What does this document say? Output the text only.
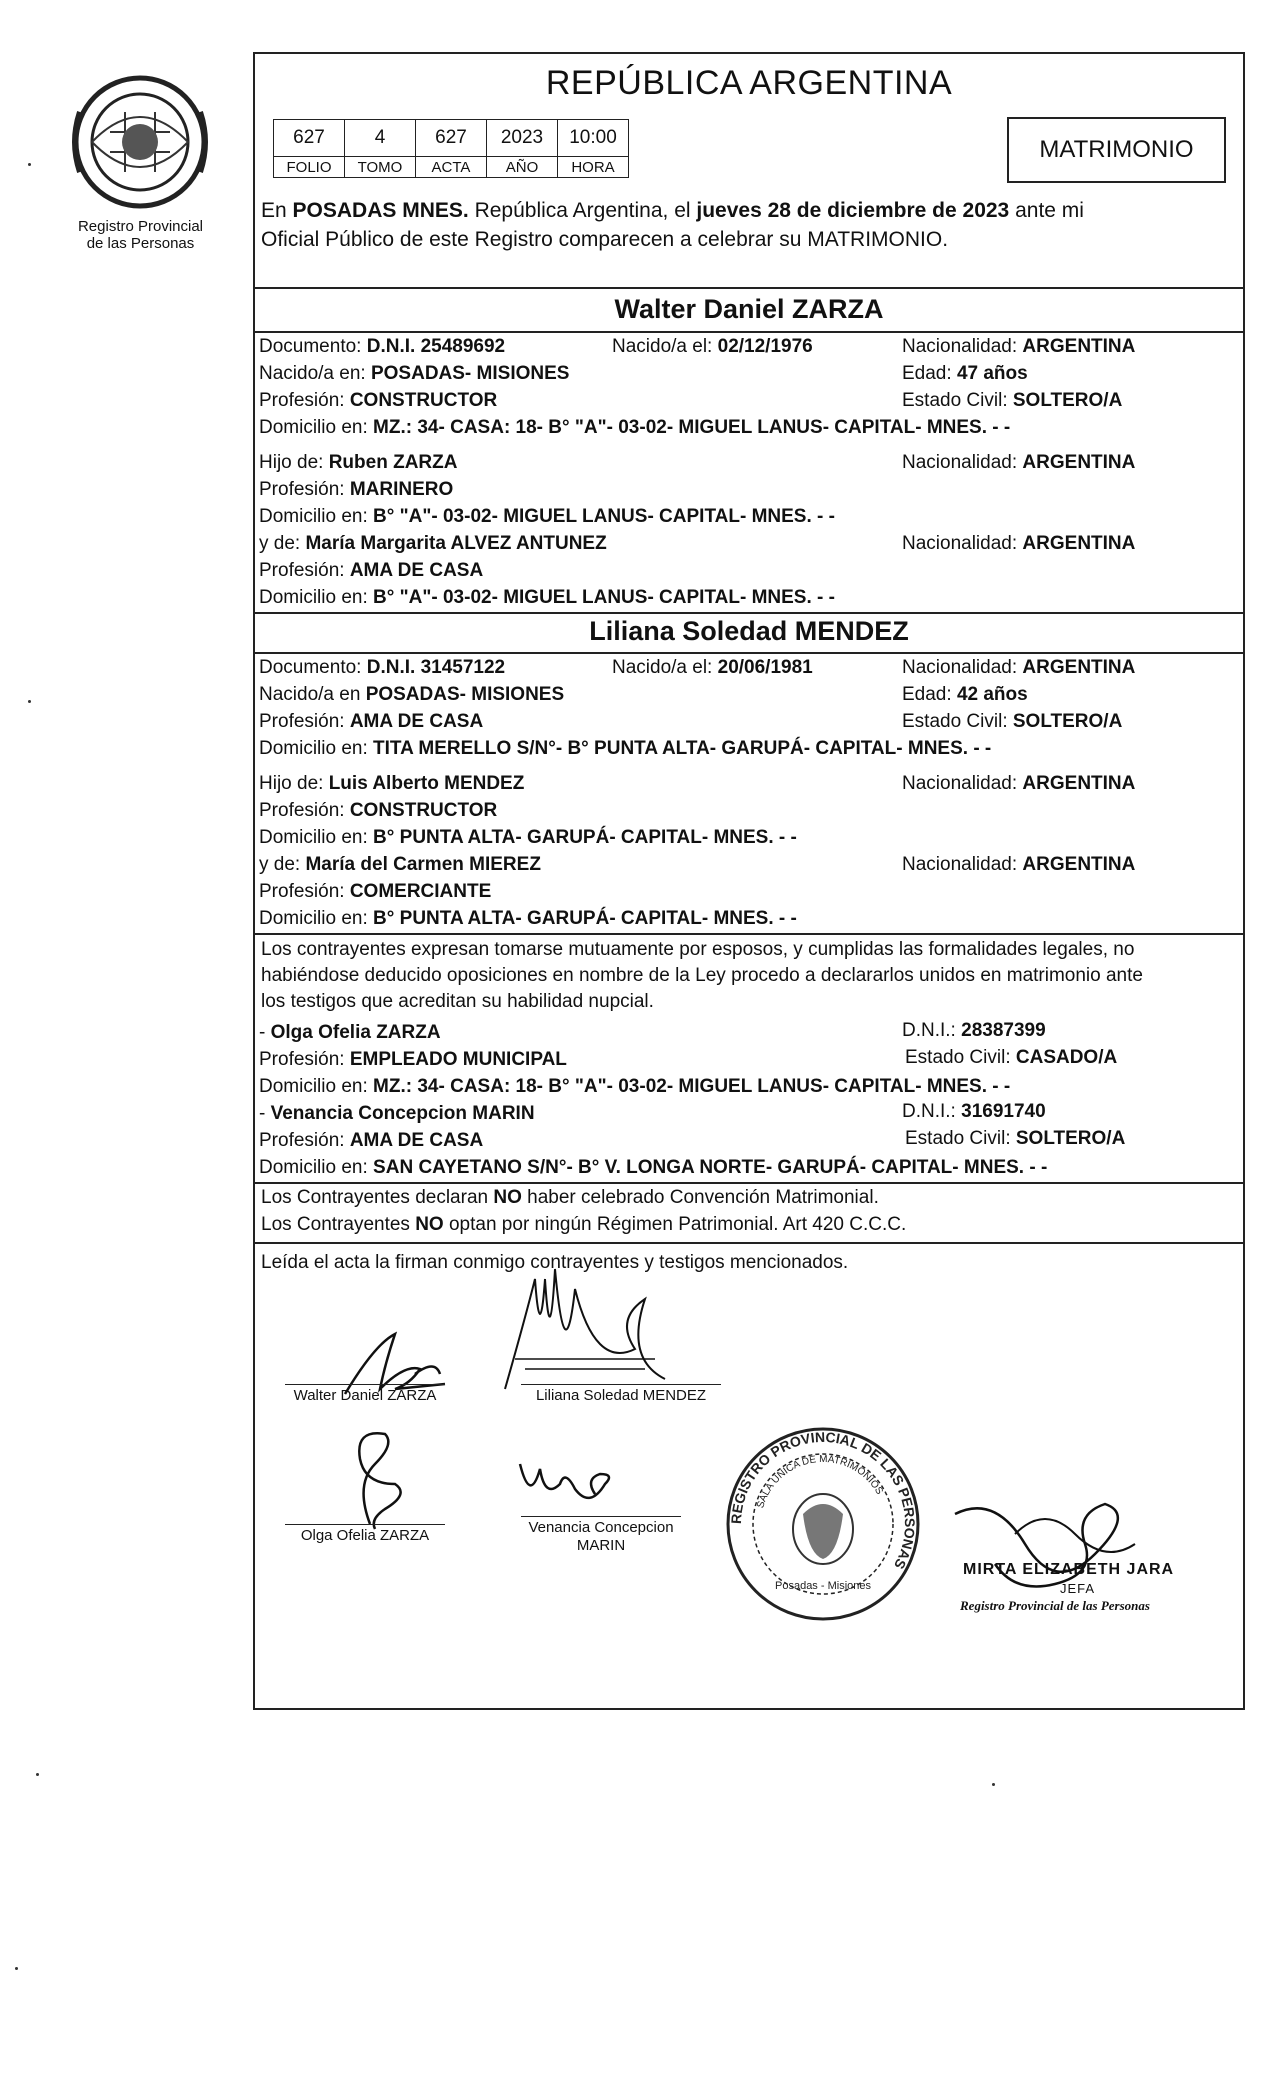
Registro Provincial
de las Personas
REPÚBLICA ARGENTINA
627	4	627	2023	10:00
FOLIO	TOMO	ACTA	AÑO	HORA
MATRIMONIO
En POSADAS MNES. República Argentina, el jueves 28 de diciembre de 2023 ante mi
Oficial Público de este Registro comparecen a celebrar su MATRIMONIO.
Walter Daniel ZARZA
Documento: D.N.I. 25489692	Nacido/a el: 02/12/1976	Nacionalidad: ARGENTINA
Nacido/a en: POSADAS- MISIONES	Edad: 47 años
Profesión: CONSTRUCTOR	Estado Civil: SOLTERO/A
Domicilio en: MZ.: 34- CASA: 18- B° "A"- 03-02- MIGUEL LANUS- CAPITAL- MNES. - -
Hijo de: Ruben ZARZA	Nacionalidad: ARGENTINA
Profesión: MARINERO
Domicilio en: B° "A"- 03-02- MIGUEL LANUS- CAPITAL- MNES. - -
y de: María Margarita ALVEZ ANTUNEZ	Nacionalidad: ARGENTINA
Profesión: AMA DE CASA
Domicilio en: B° "A"- 03-02- MIGUEL LANUS- CAPITAL- MNES. - -
Liliana Soledad MENDEZ
Documento: D.N.I. 31457122	Nacido/a el: 20/06/1981	Nacionalidad: ARGENTINA
Nacido/a en POSADAS- MISIONES	Edad: 42 años
Profesión: AMA DE CASA	Estado Civil: SOLTERO/A
Domicilio en: TITA MERELLO S/N°- B° PUNTA ALTA- GARUPÁ- CAPITAL- MNES. - -
Hijo de: Luis Alberto MENDEZ	Nacionalidad: ARGENTINA
Profesión: CONSTRUCTOR
Domicilio en: B° PUNTA ALTA- GARUPÁ- CAPITAL- MNES. - -
y de: María del Carmen MIEREZ	Nacionalidad: ARGENTINA
Profesión: COMERCIANTE
Domicilio en: B° PUNTA ALTA- GARUPÁ- CAPITAL- MNES. - -
Los contrayentes expresan tomarse mutuamente por esposos, y cumplidas las formalidades legales, no
habiéndose deducido oposiciones en nombre de la Ley procedo a declararlos unidos en matrimonio ante
los testigos que acreditan su habilidad nupcial.
- Olga Ofelia ZARZA	D.N.I.: 28387399
Profesión: EMPLEADO MUNICIPAL	Estado Civil: CASADO/A
Domicilio en: MZ.: 34- CASA: 18- B° "A"- 03-02- MIGUEL LANUS- CAPITAL- MNES. - -
- Venancia Concepcion MARIN	D.N.I.: 31691740
Profesión: AMA DE CASA	Estado Civil: SOLTERO/A
Domicilio en: SAN CAYETANO S/N°- B° V. LONGA NORTE- GARUPÁ- CAPITAL- MNES. - -
Los Contrayentes declaran NO haber celebrado Convención Matrimonial.
Los Contrayentes NO optan por ningún Régimen Patrimonial. Art 420 C.C.C.
Leída el acta la firman conmigo contrayentes y testigos mencionados.
Walter Daniel ZARZA	Liliana Soledad MENDEZ
Olga Ofelia ZARZA	Venancia Concepcion
MARIN
REGISTRO PROVINCIAL DE LAS PERSONAS
SALA UNICA DE MATRIMONIOS
Posadas - Misiones
MIRTA ELIZABETH JARA
JEFA
Registro Provincial de las Personas
